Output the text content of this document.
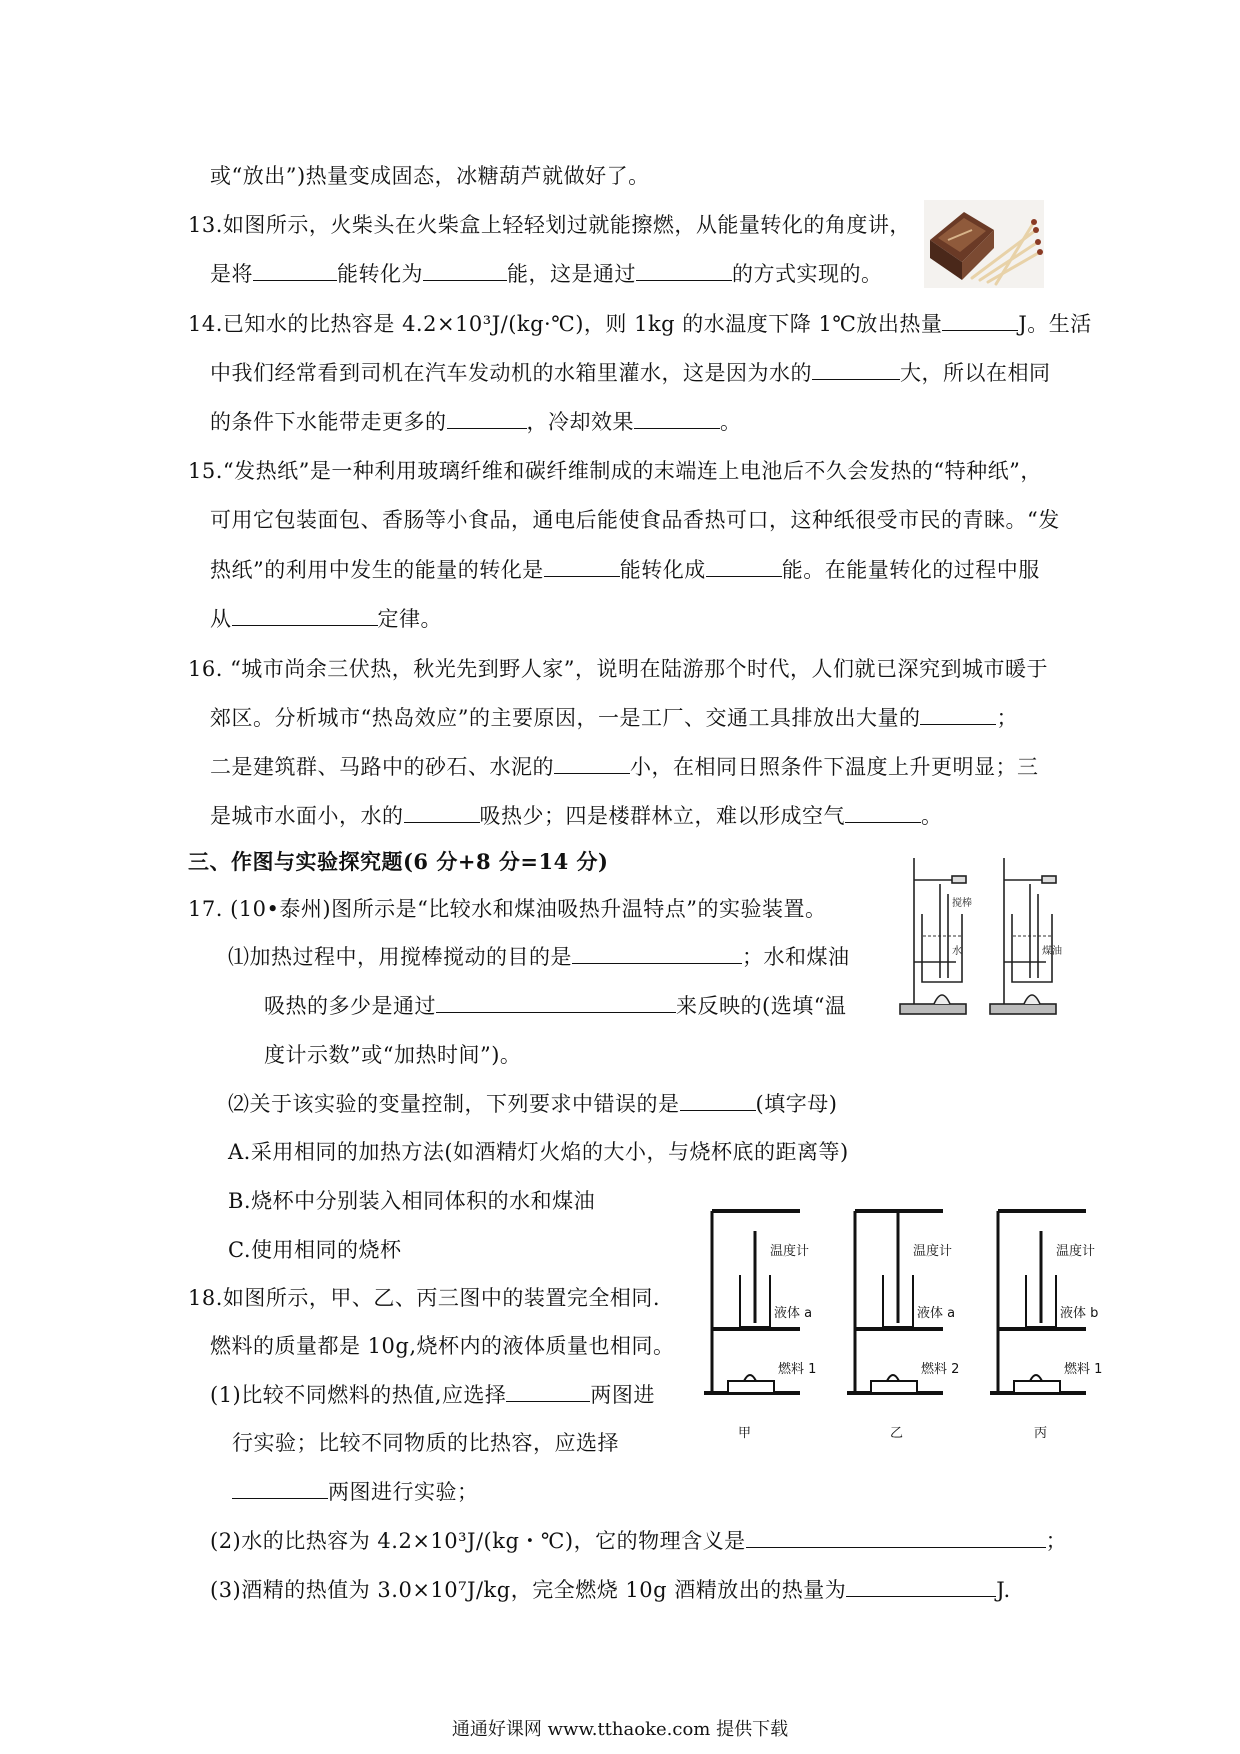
或“放出”)热量变成固态，冰糖葫芦就做好了。
13.如图所示，火柴头在火柴盒上轻轻划过就能擦燃，从能量转化的角度讲，
是将	能转化为	能，这是通过	的方式实现的。
14.已知水的比热容是 4.2×10³J/(kg·℃)，则 1kg 的水温度下降 1℃放出热量	J。生活
中我们经常看到司机在汽车发动机的水箱里灌水，这是因为水的	大，所以在相同
的条件下水能带走更多的	，冷却效果	。
15.“发热纸”是一种利用玻璃纤维和碳纤维制成的末端连上电池后不久会发热的“特种纸”，
可用它包装面包、香肠等小食品，通电后能使食品香热可口，这种纸很受市民的青睐。“发
热纸”的利用中发生的能量的转化是	能转化成	能。在能量转化的过程中服
从	定律。
16. “城市尚余三伏热，秋光先到野人家”，说明在陆游那个时代，人们就已深究到城市暖于
郊区。分析城市“热岛效应”的主要原因，一是工厂、交通工具排放出大量的	；
二是建筑群、马路中的砂石、水泥的	小，在相同日照条件下温度上升更明显；三
是城市水面小，水的	吸热少；四是楼群林立，难以形成空气	。
三、作图与实验探究题(6 分+8 分=14 分)
17. (10•泰州)图所示是“比较水和煤油吸热升温特点”的实验装置。
⑴加热过程中，用搅棒搅动的目的是	；水和煤油
吸热的多少是通过	来反映的(选填“温
度计示数”或“加热时间”)。
⑵关于该实验的变量控制，下列要求中错误的是	(填字母)
A.采用相同的加热方法(如酒精灯火焰的大小，与烧杯底的距离等)
B.烧杯中分别装入相同体积的水和煤油
C.使用相同的烧杯
18.如图所示，甲、乙、丙三图中的装置完全相同.
燃料的质量都是 10g,烧杯内的液体质量也相同。
(1)比较不同燃料的热值,应选择	两图进
行实验；比较不同物质的比热容，应选择
两图进行实验；
(2)水的比热容为 4.2×10³J/(kg・℃)，它的物理含义是	；
(3)酒精的热值为 3.0×10⁷J/kg，完全燃烧 10g 酒精放出的热量为	J.
搅棒
水	煤油
温度计
液体 a
燃料 1
甲
温度计
液体 a
燃料 2
乙
温度计
液体 b
燃料 1
丙
通通好课网 www.tthaoke.com 提供下载
